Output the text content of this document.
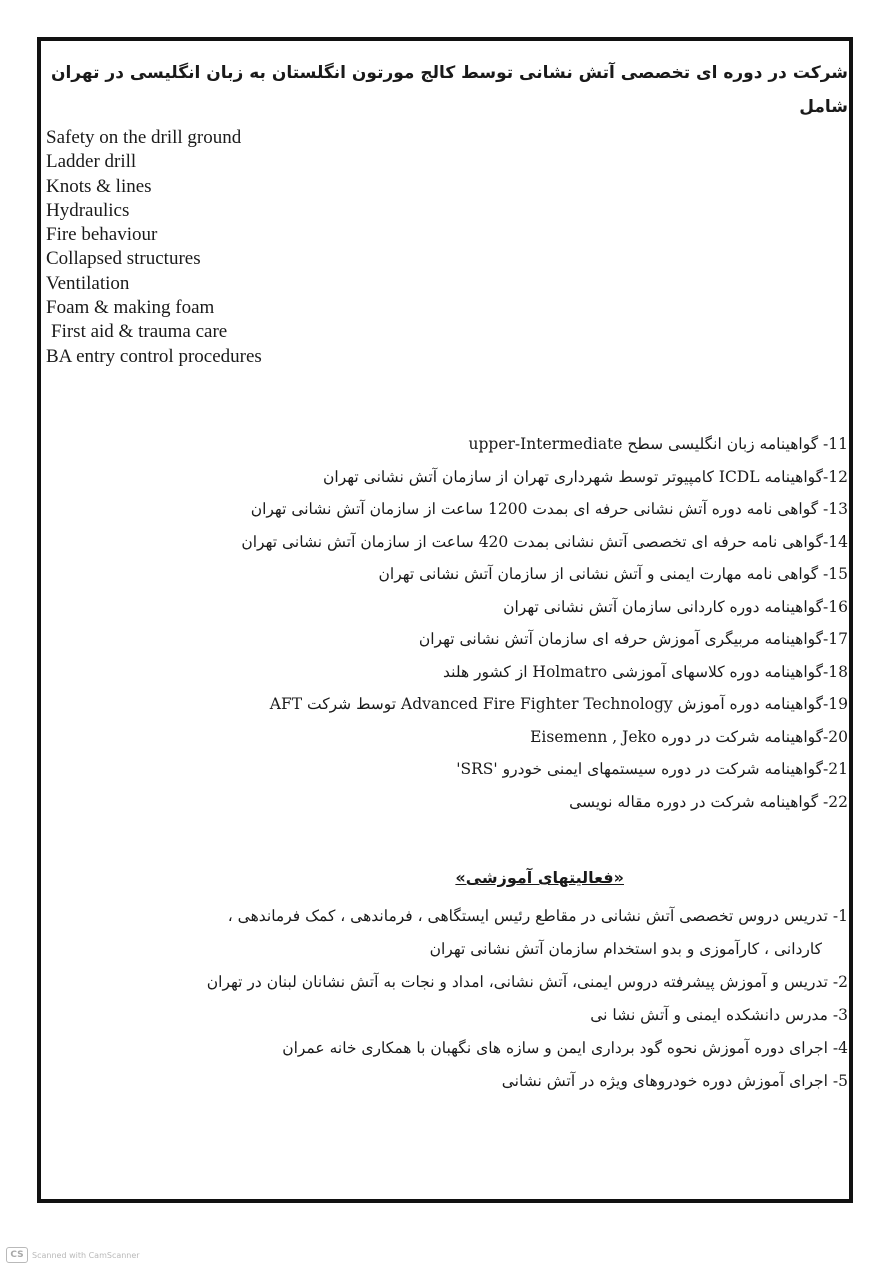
شرکت در دوره ای تخصصی آتش نشانی توسط کالج مورتون انگلستان به زبان انگلیسی در تهران شامل
Safety on the drill ground
Ladder drill
Knots & lines
Hydraulics
Fire behaviour
Collapsed structures
Ventilation
Foam & making foam
First aid & trauma care
BA entry control procedures
11- گواهینامه زبان انگلیسی سطح upper-Intermediate
12-گواهینامه ICDL کامپیوتر توسط شهرداری تهران از سازمان آتش نشانی تهران
13- گواهی نامه دوره آتش نشانی حرفه ای بمدت 1200 ساعت از سازمان آتش نشانی تهران
14-گواهی نامه حرفه ای تخصصی آتش نشانی بمدت 420 ساعت از سازمان آتش نشانی تهران
15- گواهی نامه مهارت ایمنی و آتش نشانی از سازمان آتش نشانی تهران
16-گواهینامه دوره کاردانی سازمان آتش نشانی تهران
17-گواهینامه مربیگری آموزش حرفه ای سازمان آتش نشانی تهران
18-گواهینامه دوره کلاسهای آموزشی Holmatro از کشور هلند
19-گواهینامه دوره آموزش Advanced Fire Fighter Technology توسط شرکت AFT
20-گواهینامه شرکت در دوره Eisemenn , Jeko
21-گواهینامه شرکت در دوره سیستمهای ایمنی خودرو 'SRS'
22- گواهینامه شرکت در دوره مقاله نویسی
«فعالیتهای آموزشی»
1- تدریس دروس تخصصی آتش نشانی در مقاطع رئیس ایستگاهی ، فرماندهی ، کمک فرماندهی ،
کاردانی ، کارآموزی و بدو استخدام سازمان آتش نشانی تهران
2- تدریس و آموزش پیشرفته دروس ایمنی، آتش نشانی، امداد و نجات به آتش نشانان لبنان در تهران
3- مدرس دانشکده ایمنی و آتش نشا نی
4- اجرای دوره آموزش نحوه گود برداری ایمن و سازه های نگهبان با همکاری خانه عمران
5- اجرای آموزش دوره خودروهای ویژه در آتش نشانی
CS	Scanned with CamScanner
